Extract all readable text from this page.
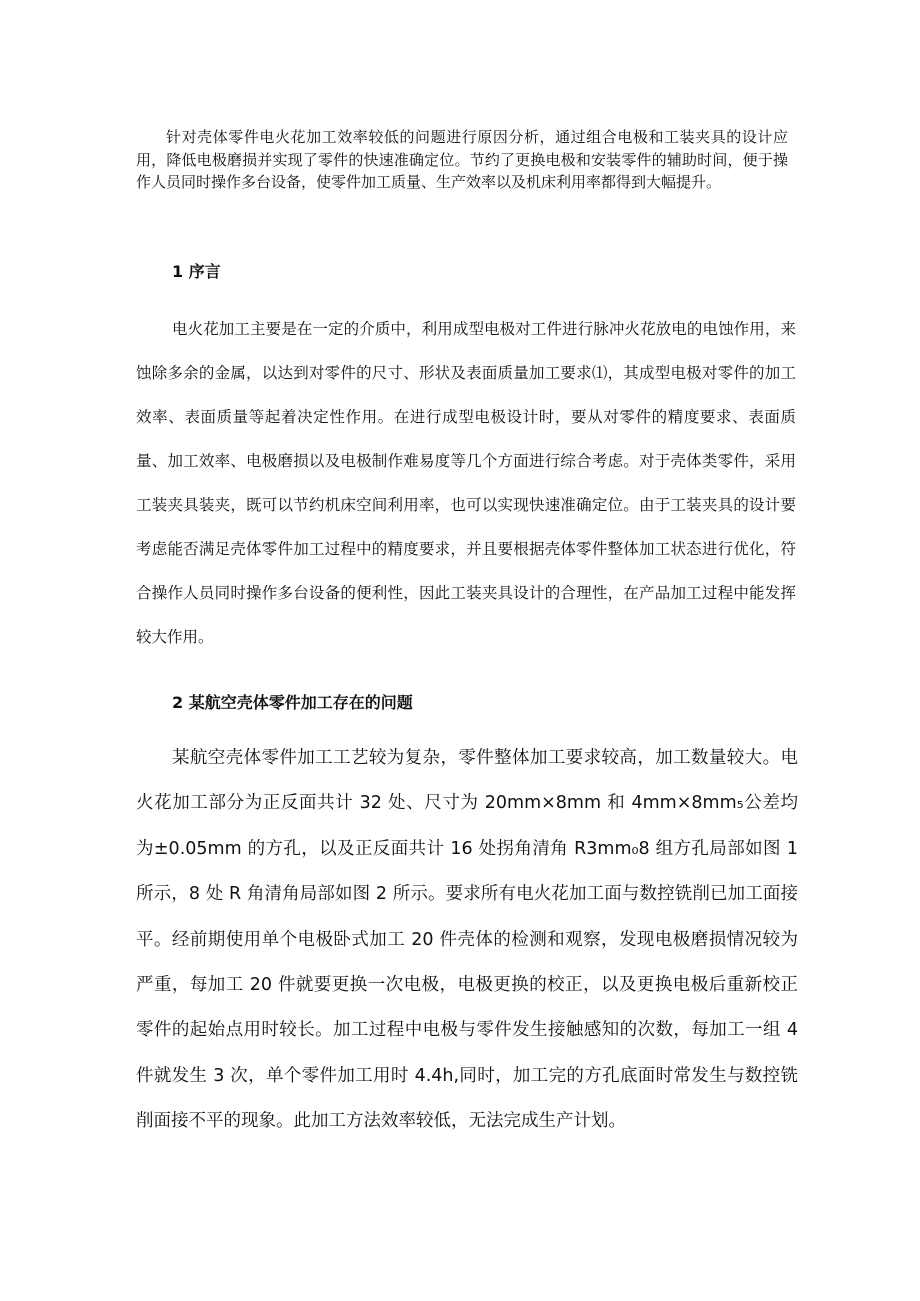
针对壳体零件电火花加工效率较低的问题进行原因分析，通过组合电极和工装夹具的设计应用，降低电极磨损并实现了零件的快速准确定位。节约了更换电极和安装零件的辅助时间，便于操作人员同时操作多台设备，使零件加工质量、生产效率以及机床利用率都得到大幅提升。

1 序言

电火花加工主要是在一定的介质中，利用成型电极对工件进行脉冲火花放电的电蚀作用，来蚀除多余的金属，以达到对零件的尺寸、形状及表面质量加工要求⑴，其成型电极对零件的加工效率、表面质量等起着决定性作用。在进行成型电极设计时，要从对零件的精度要求、表面质量、加工效率、电极磨损以及电极制作难易度等几个方面进行综合考虑。对于壳体类零件，采用工装夹具装夹，既可以节约机床空间利用率，也可以实现快速准确定位。由于工装夹具的设计要考虑能否满足壳体零件加工过程中的精度要求，并且要根据壳体零件整体加工状态进行优化，符合操作人员同时操作多台设备的便利性，因此工装夹具设计的合理性，在产品加工过程中能发挥较大作用。

2 某航空壳体零件加工存在的问题

某航空壳体零件加工工艺较为复杂，零件整体加工要求较高，加工数量较大。电火花加工部分为正反面共计 32 处、尺寸为 20mm×8mm 和 4mm×8mm₅公差均为±0.05mm 的方孔，以及正反面共计 16 处拐角清角 R3mm₀8 组方孔局部如图 1 所示，8 处 R 角清角局部如图 2 所示。要求所有电火花加工面与数控铣削已加工面接平。经前期使用单个电极卧式加工 20 件壳体的检测和观察，发现电极磨损情况较为严重，每加工 20 件就要更换一次电极，电极更换的校正，以及更换电极后重新校正零件的起始点用时较长。加工过程中电极与零件发生接触感知的次数，每加工一组 4 件就发生 3 次，单个零件加工用时 4.4h,同时，加工完的方孔底面时常发生与数控铣削面接不平的现象。此加工方法效率较低，无法完成生产计划。
